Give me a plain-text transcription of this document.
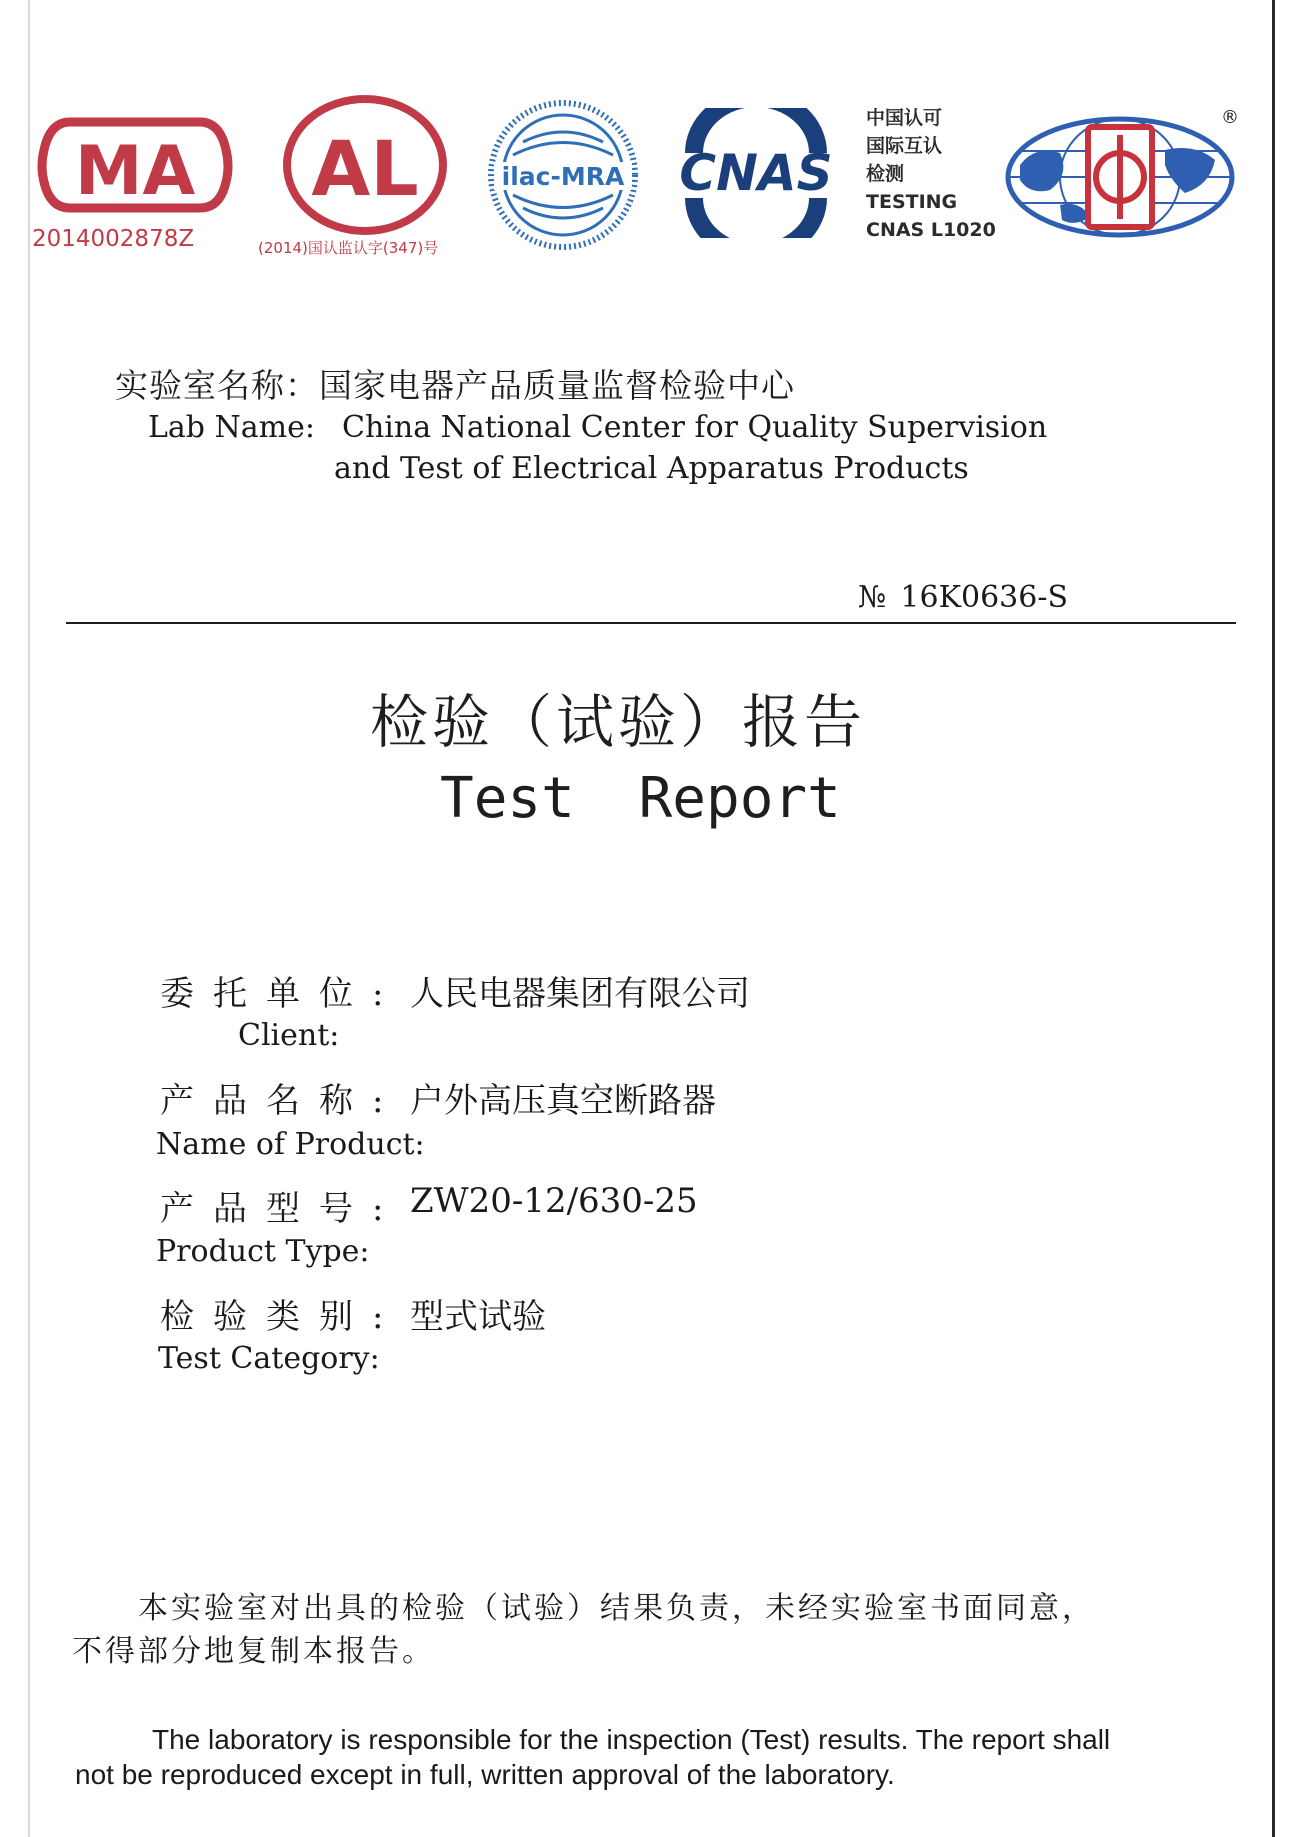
MA
2014002878Z
AL
(2014)国认监认字(347)号
ilac-MRA CNAS
中国认可
国际互认
检测
TESTING
CNAS L1020
®
实验室名称：国家电器产品质量监督检验中心
Lab Name: China National Center for Quality Supervision
and Test of Electrical Apparatus Products
№ 16K0636-S
检验（试验）报告
Test Report
委托单位: 人民电器集团有限公司
Client:
产品名称: 户外高压真空断路器
Name of Product:
产品型号: ZW20-12/630-25
Product Type:
检验类别: 型式试验
Test Category:
本实验室对出具的检验（试验）结果负责，未经实验室书面同意，
不得部分地复制本报告。
The laboratory is responsible for the inspection (Test) results. The report shall
not be reproduced except in full, written approval of the laboratory.
